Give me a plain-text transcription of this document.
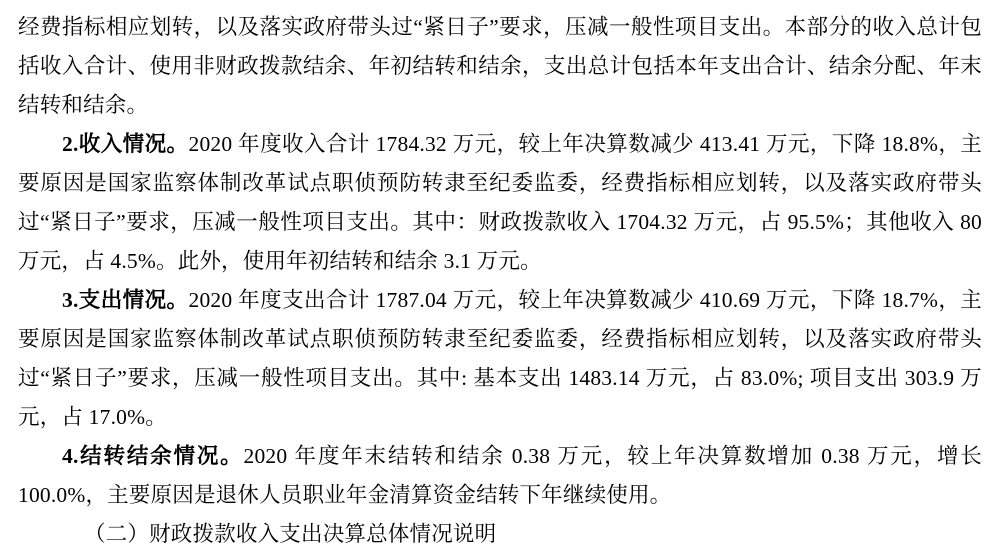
经费指标相应划转，以及落实政府带头过“紧日子”要求，压减一般性项目支出。本部分的收入总计包括收入合计、使用非财政拨款结余、年初结转和结余，支出总计包括本年支出合计、结余分配、年末结转和结余。

2.收入情况。2020 年度收入合计 1784.32 万元，较上年决算数减少 413.41 万元，下降 18.8%，主要原因是国家监察体制改革试点职侦预防转隶至纪委监委，经费指标相应划转，以及落实政府带头过“紧日子”要求，压减一般性项目支出。其中：财政拨款收入 1704.32 万元，占 95.5%；其他收入 80 万元，占 4.5%。此外，使用年初结转和结余 3.1 万元。

3.支出情况。2020 年度支出合计 1787.04 万元，较上年决算数减少 410.69 万元，下降 18.7%，主要原因是国家监察体制改革试点职侦预防转隶至纪委监委，经费指标相应划转，以及落实政府带头过“紧日子”要求，压减一般性项目支出。其中: 基本支出 1483.14 万元，占 83.0%; 项目支出 303.9 万元，占 17.0%。

4.结转结余情况。2020 年度年末结转和结余 0.38 万元，较上年决算数增加 0.38 万元，增长 100.0%，主要原因是退休人员职业年金清算资金结转下年继续使用。

（二）财政拨款收入支出决算总体情况说明
